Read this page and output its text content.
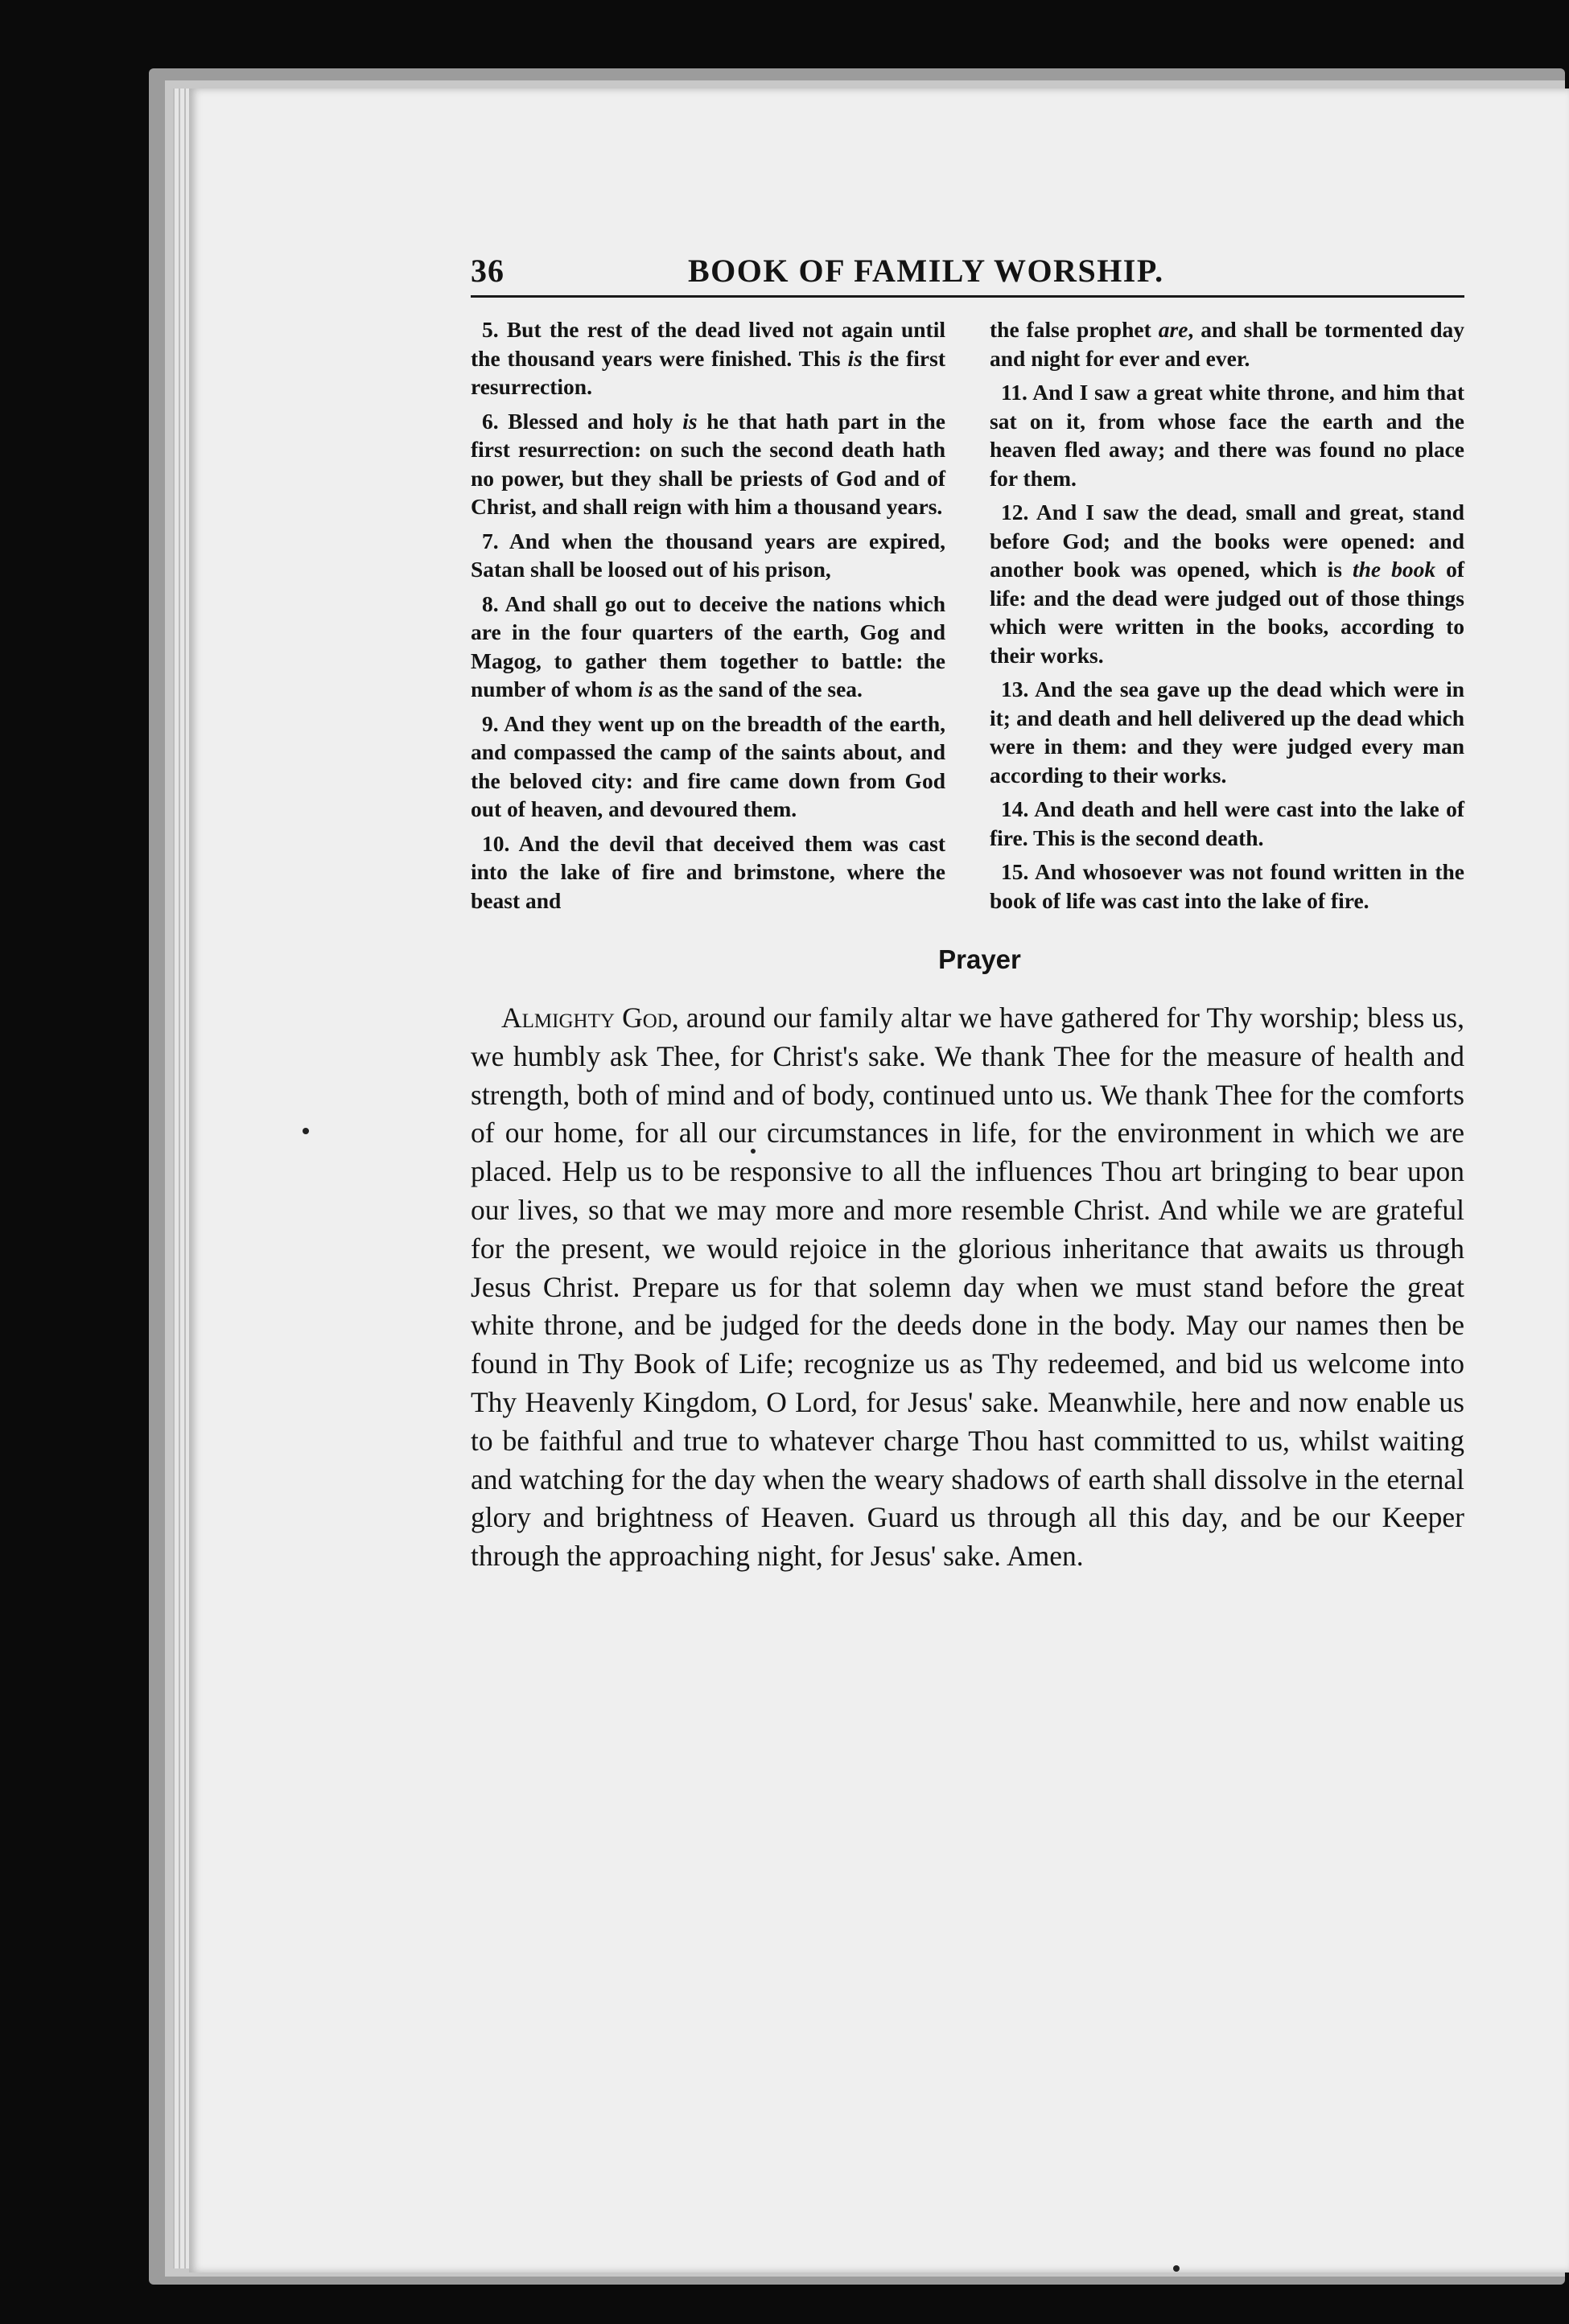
36	BOOK OF FAMILY WORSHIP.

5. But the rest of the dead lived not again until the thousand years were finished. This is the first resurrection.

6. Blessed and holy is he that hath part in the first resurrection: on such the second death hath no power, but they shall be priests of God and of Christ, and shall reign with him a thousand years.

7. And when the thousand years are expired, Satan shall be loosed out of his prison,

8. And shall go out to deceive the nations which are in the four quarters of the earth, Gog and Magog, to gather them together to battle: the number of whom is as the sand of the sea.

9. And they went up on the breadth of the earth, and compassed the camp of the saints about, and the beloved city: and fire came down from God out of heaven, and devoured them.

10. And the devil that deceived them was cast into the lake of fire and brimstone, where the beast and

the false prophet are, and shall be tormented day and night for ever and ever.

11. And I saw a great white throne, and him that sat on it, from whose face the earth and the heaven fled away; and there was found no place for them.

12. And I saw the dead, small and great, stand before God; and the books were opened: and another book was opened, which is the book of life: and the dead were judged out of those things which were written in the books, according to their works.

13. And the sea gave up the dead which were in it; and death and hell delivered up the dead which were in them: and they were judged every man according to their works.

14. And death and hell were cast into the lake of fire. This is the second death.

15. And whosoever was not found written in the book of life was cast into the lake of fire.

Prayer

Almighty God, around our family altar we have gathered for Thy worship; bless us, we humbly ask Thee, for Christ's sake. We thank Thee for the measure of health and strength, both of mind and of body, continued unto us. We thank Thee for the comforts of our home, for all our circumstances in life, for the environment in which we are placed. Help us to be responsive to all the influences Thou art bringing to bear upon our lives, so that we may more and more resemble Christ. And while we are grateful for the present, we would rejoice in the glorious inheritance that awaits us through Jesus Christ. Prepare us for that solemn day when we must stand before the great white throne, and be judged for the deeds done in the body. May our names then be found in Thy Book of Life; recognize us as Thy redeemed, and bid us welcome into Thy Heavenly Kingdom, O Lord, for Jesus' sake. Meanwhile, here and now enable us to be faithful and true to whatever charge Thou hast committed to us, whilst waiting and watching for the day when the weary shadows of earth shall dissolve in the eternal glory and brightness of Heaven. Guard us through all this day, and be our Keeper through the approaching night, for Jesus' sake. Amen.
